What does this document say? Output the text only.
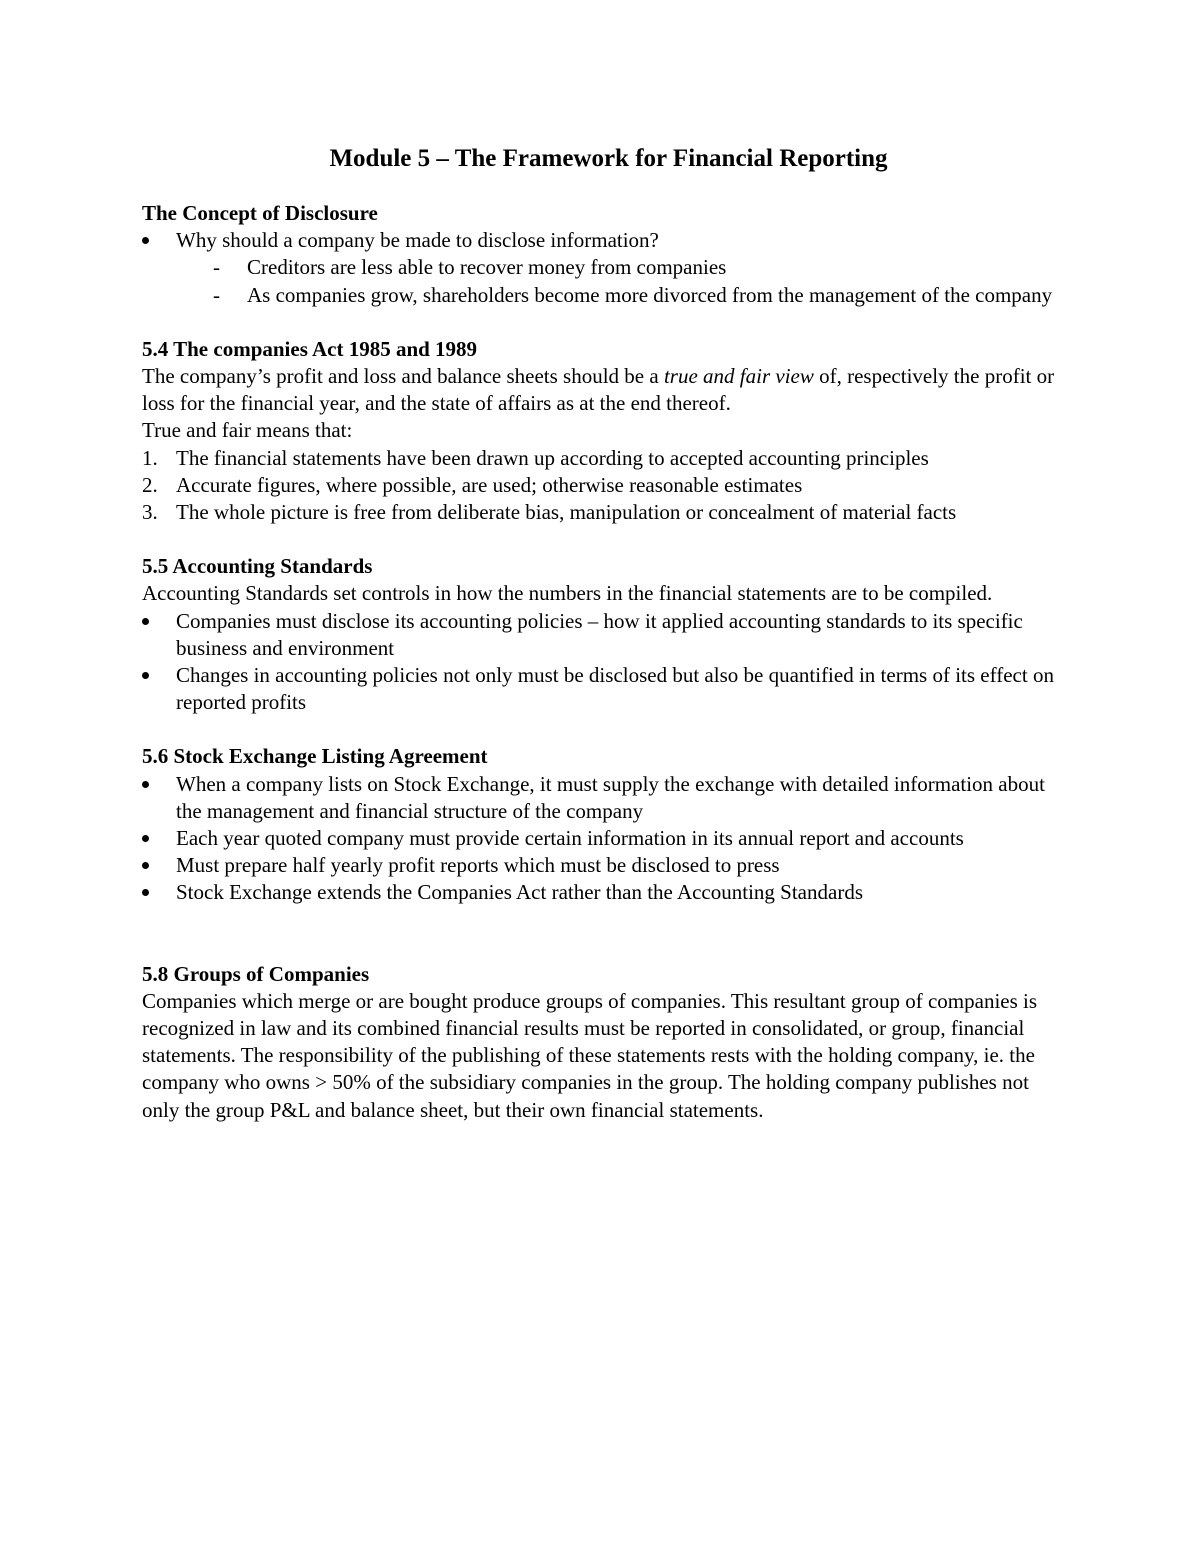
Module 5 – The Framework for Financial Reporting
The Concept of Disclosure
Why should a company be made to disclose information?
- Creditors are less able to recover money from companies
- As companies grow, shareholders become more divorced from the management of the company
5.4 The companies Act 1985 and 1989

The company’s profit and loss and balance sheets should be a true and fair view of, respectively the profit or loss for the financial year, and the state of affairs as at the end thereof.

True and fair means that:

1. The financial statements have been drawn up according to accepted accounting principles
2. Accurate figures, where possible, are used; otherwise reasonable estimates
3. The whole picture is free from deliberate bias, manipulation or concealment of material facts
5.5 Accounting Standards

Accounting Standards set controls in how the numbers in the financial statements are to be compiled.

Companies must disclose its accounting policies – how it applied accounting standards to its specific business and environment
Changes in accounting policies not only must be disclosed but also be quantified in terms of its effect on reported profits
5.6 Stock Exchange Listing Agreement
When a company lists on Stock Exchange, it must supply the exchange with detailed information about the management and financial structure of the company
Each year quoted company must provide certain information in its annual report and accounts
Must prepare half yearly profit reports which must be disclosed to press
Stock Exchange extends the Companies Act rather than the Accounting Standards
5.8 Groups of Companies

Companies which merge or are bought produce groups of companies. This resultant group of companies is recognized in law and its combined financial results must be reported in consolidated, or group, financial statements. The responsibility of the publishing of these statements rests with the holding company, ie. the company who owns > 50% of the subsidiary companies in the group. The holding company publishes not only the group P&L and balance sheet, but their own financial statements.
